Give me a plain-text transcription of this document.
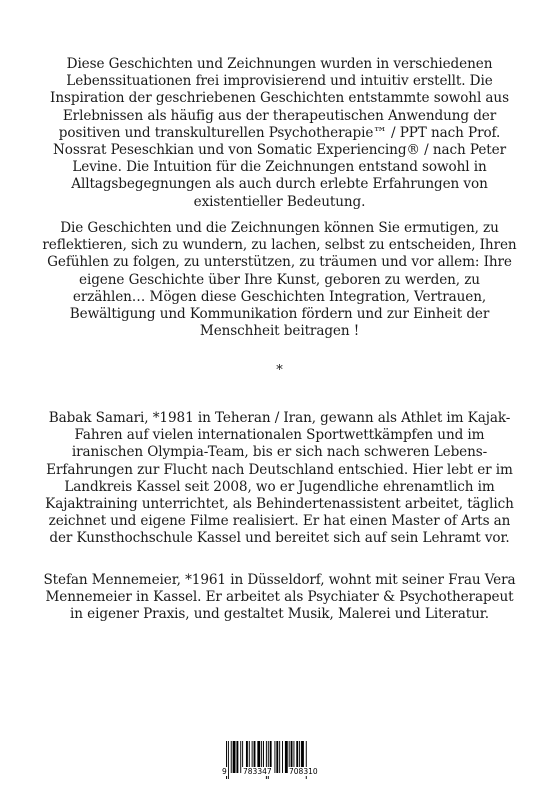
Diese Geschichten und Zeichnungen wurden in verschiedenen
Lebenssituationen frei improvisierend und intuitiv erstellt. Die
Inspiration der geschriebenen Geschichten entstammte sowohl aus
Erlebnissen als häufig aus der therapeutischen Anwendung der
positiven und transkulturellen Psychotherapie™ / PPT nach Prof.
Nossrat Peseschkian und von Somatic Experiencing® / nach Peter
Levine. Die Intuition für die Zeichnungen entstand sowohl in
Alltagsbegegnungen als auch durch erlebte Erfahrungen von
existentieller Bedeutung.
Die Geschichten und die Zeichnungen können Sie ermutigen, zu
reflektieren, sich zu wundern, zu lachen, selbst zu entscheiden, Ihren
Gefühlen zu folgen, zu unterstützen, zu träumen und vor allem: Ihre
eigene Geschichte über Ihre Kunst, geboren zu werden, zu
erzählen… Mögen diese Geschichten Integration, Vertrauen,
Bewältigung und Kommunikation fördern und zur Einheit der
Menschheit beitragen !
*
Babak Samari, *1981 in Teheran / Iran, gewann als Athlet im Kajak-
Fahren auf vielen internationalen Sportwettkämpfen und im
iranischen Olympia-Team, bis er sich nach schweren Lebens-
Erfahrungen zur Flucht nach Deutschland entschied. Hier lebt er im
Landkreis Kassel seit 2008, wo er Jugendliche ehrenamtlich im
Kajaktraining unterrichtet, als Behindertenassistent arbeitet, täglich
zeichnet und eigene Filme realisiert. Er hat einen Master of Arts an
der Kunsthochschule Kassel und bereitet sich auf sein Lehramt vor.
Stefan Mennemeier, *1961 in Düsseldorf, wohnt mit seiner Frau Vera
Mennemeier in Kassel. Er arbeitet als Psychiater & Psychotherapeut
in eigener Praxis, und gestaltet Musik, Malerei und Literatur.
9 783347 708310
